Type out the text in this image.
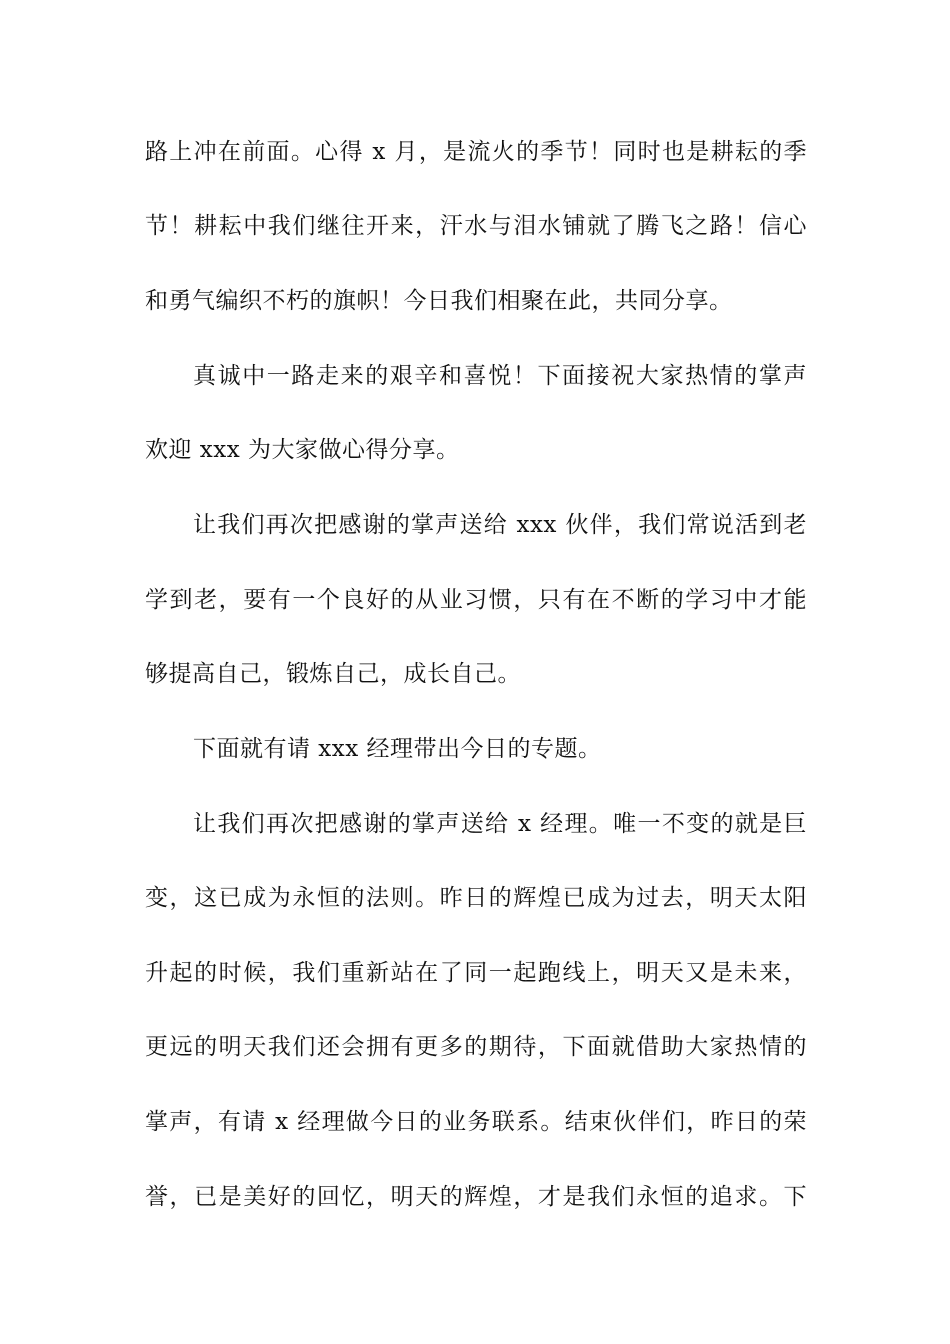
路上冲在前面。心得 x 月，是流火的季节！同时也是耕耘的季
节！耕耘中我们继往开来，汗水与泪水铺就了腾飞之路！信心
和勇气编织不朽的旗帜！今日我们相聚在此，共同分享。
真诚中一路走来的艰辛和喜悦！下面接祝大家热情的掌声
欢迎 xxx 为大家做心得分享。
让我们再次把感谢的掌声送给 xxx 伙伴，我们常说活到老
学到老，要有一个良好的从业习惯，只有在不断的学习中才能
够提高自己，锻炼自己，成长自己。
下面就有请 xxx 经理带出今日的专题。
让我们再次把感谢的掌声送给 x 经理。唯一不变的就是巨
变，这已成为永恒的法则。昨日的辉煌已成为过去，明天太阳
升起的时候，我们重新站在了同一起跑线上，明天又是未来，
更远的明天我们还会拥有更多的期待，下面就借助大家热情的
掌声，有请 x 经理做今日的业务联系。结束伙伴们，昨日的荣
誉，已是美好的回忆，明天的辉煌，才是我们永恒的追求。下
